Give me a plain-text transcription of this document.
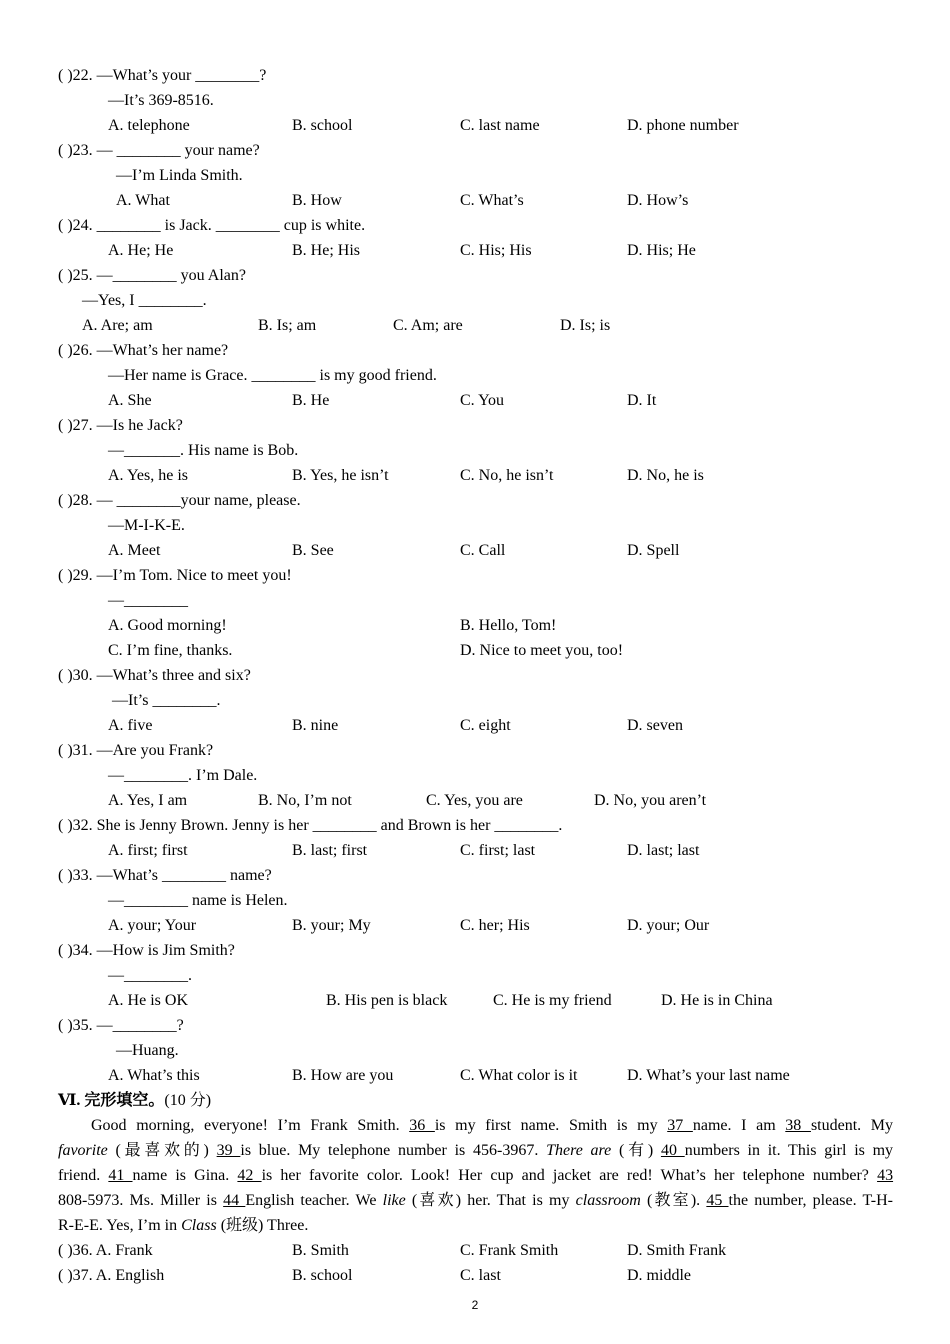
( )22. —What’s your ________?
—It’s 369-8516.
A. telephone	B. school	C. last name	D. phone number
( )23. — ________ your name?
—I’m Linda Smith.
A. What	B. How	C. What’s	D. How’s
( )24. ________ is Jack. ________ cup is white.
A. He; He	B. He; His	C. His; His	D. His; He
( )25. —________ you Alan?
—Yes, I ________.
A. Are; am	B. Is; am	C. Am; are	D. Is; is
( )26. —What’s her name?
—Her name is Grace. ________ is my good friend.
A. She	B. He	C. You	D. It
( )27. —Is he Jack?
—_______. His name is Bob.
A. Yes, he is	B. Yes, he isn’t	C. No, he isn’t	D. No, he is
( )28. — ________your name, please.
—M-I-K-E.
A. Meet	B. See	C. Call	D. Spell
( )29. —I’m Tom. Nice to meet you!
—________
A. Good morning!	B. Hello, Tom!
C. I’m fine, thanks.	D. Nice to meet you, too!
( )30. —What’s three and six?
—It’s ________.
A. five	B. nine	C. eight	D. seven
( )31. —Are you Frank?
—________. I’m Dale.
A. Yes, I am	B. No, I’m not	C. Yes, you are	D. No, you aren’t
( )32. She is Jenny Brown. Jenny is her ________ and Brown is her ________.
A. first; first	B. last; first	C. first; last	D. last; last
( )33. —What’s ________ name?
—________ name is Helen.
A. your; Your	B. your; My	C. her; His	D. your; Our
( )34. —How is Jim Smith?
—________.
A. He is OK	B. His pen is black	C. He is my friend	D. He is in China
( )35. —________?
—Huang.
A. What’s this	B. How are you	C. What color is it	D. What’s your last name
Ⅵ. 完形填空。(10 分)
Good morning, everyone! I’m Frank Smith. 36 is my first name. Smith is my 37 name. I am 38 student. My
favorite (最喜欢的) 39 is blue. My telephone number is 456-3967. There are (有) 40 numbers in it. This girl is my
friend. 41 name is Gina. 42 is her favorite color. Look! Her cup and jacket are red! What’s her telephone number? 43
808-5973. Ms. Miller is 44 English teacher. We like (喜欢) her. That is my classroom (教室). 45 the number, please. T-H-
R-E-E. Yes, I’m in Class (班级) Three.
( )36. A. Frank	B. Smith	C. Frank Smith	D. Smith Frank
( )37. A. English	B. school	C. last	D. middle
2
